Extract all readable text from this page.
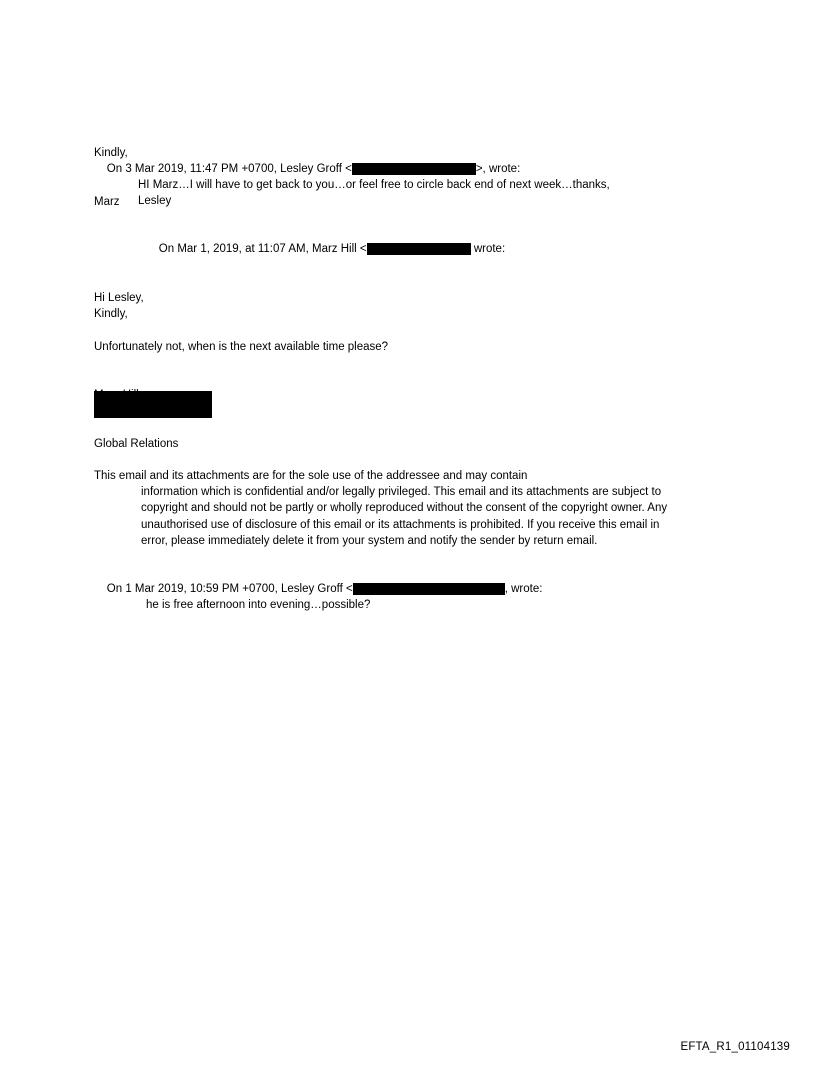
Kindly,

Marz

On 3 Mar 2019, 11:47 PM +0700, Lesley Groff <	>, wrote:

HI Marz…I will have to get back to you…or feel free to circle back end of next week…thanks, Lesley

On Mar 1, 2019, at 11:07 AM, Marz Hill <	wrote:

Hi Lesley,

Unfortunately not, when is the next available time please?

Kindly,

Global Relations

This email and its attachments are for the sole use of the addressee and may contain
information which is confidential and/or legally privileged. This email and its attachments are subject to copyright and should not be partly or wholly reproduced without the consent of the copyright owner. Any unauthorised use of disclosure of this email or its attachments is prohibited. If you receive this email in error, please immediately delete it from your system and notify the sender by return email.

On 1 Mar 2019, 10:59 PM +0700, Lesley Groff <	, wrote:

he is free afternoon into evening…possible?
EFTA_R1_01104139
